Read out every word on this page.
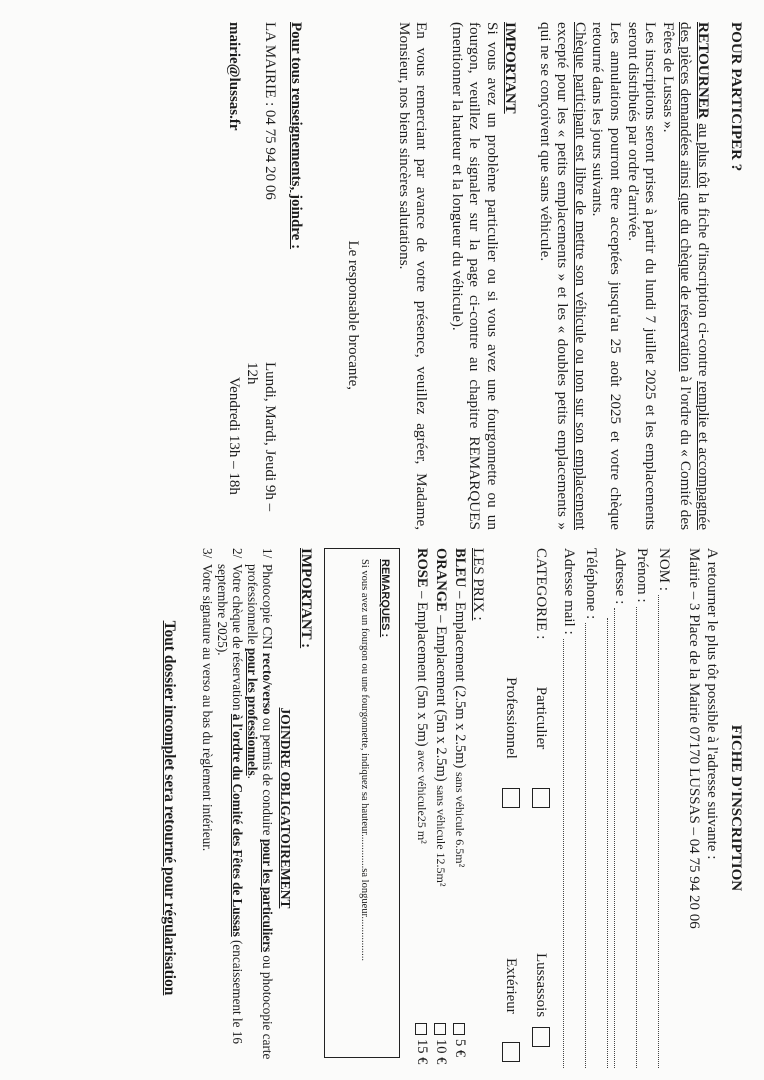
POUR PARTICIPER ?

RETOURNER au plus tôt la fiche d'inscription ci-contre remplie et accompagnée des pièces demandées ainsi que du chèque de réservation à l'ordre du « Comité des Fêtes de Lussas ».

Les inscriptions seront prises à partir du lundi 7 juillet 2025 et les emplacements seront distribués par ordre d'arrivée.

Les annulations pourront être acceptées jusqu'au 25 août 2025 et votre chèque retourné dans les jours suivants.

Chèque participant est libre de mettre son véhicule ou non sur son emplacement excepté pour les « petits emplacements » et les « doubles petits emplacements » qui ne se conçoivent que sans véhicule.

IMPORTANT

Si vous avez un problème particulier ou si vous avez une fourgonnette ou un fourgon, veuillez le signaler sur la page ci-contre au chapitre REMARQUES (mentionner la hauteur et la longueur du véhicule).

En vous remerciant par avance de votre présence, veuillez agréer, Madame, Monsieur, nos biens sincères salutations.

Le responsable brocante,
Pour tous renseignements, joindre :
LA MAIRIE : 04 75 94 20 06
Lundi, Mardi, Jeudi 9h – 12h
mairie@lussas.fr
Vendredi 13h – 18h
FICHE D'INSCRIPTION
A retourner le plus tôt possible à l'adresse suivante :
Mairie – 3 Place de la Mairie 07170 LUSSAS – 04 75 94 20 06
NOM :
Prénom :
Adresse :
Téléphone :
Adresse mail :
CATEGORIE :
Particulier
Lussassois
Professionnel
Extérieur
LES PRIX :
BLEU – Emplacement (2.5m x 2.5m) sans véhicule 6.5m²
5 €
ORANGE – Emplacement (5m x 2.5m) sans véhicule 12.5m²
10 €
ROSE – Emplacement (5m x 5m) avec véhicule25 m²
15 €
REMARQUES :
Si vous avez un fourgon ou une fourgonnette, indiquez sa hauteur.............sa longueur.................
IMPORTANT :
JOINDRE OBLIGATOIREMENT
1/
Photocopie CNI recto/verso ou permis de conduire pour les particuliers ou photocopie carte professionnelle pour les professionnels.
2/
Votre chèque de réservation à l'ordre du Comité des Fêtes de Lussas (encaissement le 16 septembre 2025).
3/
Votre signature au verso au bas du règlement intérieur.
Tout dossier incomplet sera retourné pour régularisation
